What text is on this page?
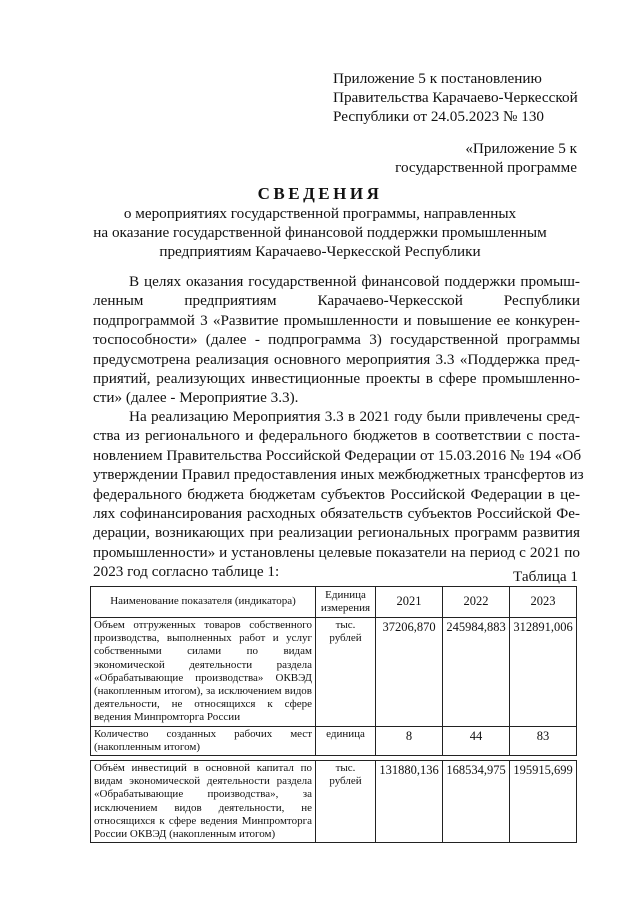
Приложение 5 к постановлению
Правительства Карачаево-Черкесской
Республики от 24.05.2023 № 130
«Приложение 5 к
государственной программе
СВЕДЕНИЯ
о мероприятиях государственной программы, направленных
на оказание государственной финансовой поддержки промышленным
предприятиям Карачаево-Черкесской Республики
В целях оказания государственной финансовой поддержки промыш-
ленным предприятиям Карачаево-Черкесской Республики
подпрограммой 3 «Развитие промышленности и повышение ее конкурен-
тоспособности» (далее - подпрограмма 3) государственной программы
предусмотрена реализация основного мероприятия 3.3 «Поддержка пред-
приятий, реализующих инвестиционные проекты в сфере промышленно-
сти» (далее - Мероприятие 3.3).
На реализацию Мероприятия 3.3 в 2021 году были привлечены сред-
ства из регионального и федерального бюджетов в соответствии с поста-
новлением Правительства Российской Федерации от 15.03.2016 № 194 «Об
утверждении Правил предоставления иных межбюджетных трансфертов из
федерального бюджета бюджетам субъектов Российской Федерации в це-
лях софинансирования расходных обязательств субъектов Российской Фе-
дерации, возникающих при реализации региональных программ развития
промышленности» и установлены целевые показатели на период с 2021 по
2023 год согласно таблице 1:	Таблица 1
Наименование показателя (индикатора)	Единица измерения	2021	2022	2023
Объем отгруженных товаров собственного производства, выполненных работ и услуг собственными силами по видам экономической деятельности раздела «Обрабатывающие производства» ОКВЭД (накопленным итогом), за исключением видов деятельности, не относящихся к сфере ведения Минпромторга России	тыс. рублей	37206,870	245984,883	312891,006
Количество созданных рабочих мест (накопленным итогом)	единица	8	44	83

Объём инвестиций в основной капитал по видам экономической деятельности раздела «Обрабатывающие производства», за исключением видов деятельности, не относящихся к сфере ведения Минпромторга России ОКВЭД (накопленным итогом)	тыс. рублей	131880,136	168534,975	195915,699
